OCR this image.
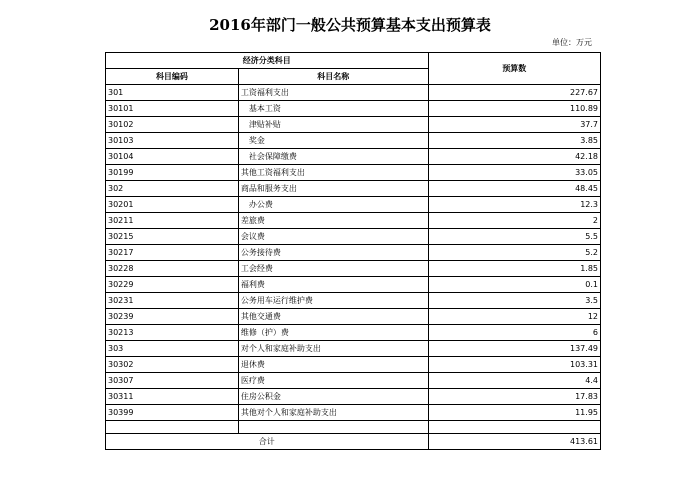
2016年部门一般公共预算基本支出预算表
单位：万元
经济分类科目		预算数
科目编码	科目名称	
301	工资福利支出	227.67
30101	基本工资	110.89
30102	津贴补贴	37.7
30103	奖金	3.85
30104	社会保障缴费	42.18
30199	其他工资福利支出	33.05
302	商品和服务支出	48.45
30201	办公费	12.3
30211	差旅费	2
30215	会议费	5.5
30217	公务接待费	5.2
30228	工会经费	1.85
30229	福利费	0.1
30231	公务用车运行维护费	3.5
30239	其他交通费	12
30213	维修（护）费	6
303	对个人和家庭补助支出	137.49
30302	退休费	103.31
30307	医疗费	4.4
30311	住房公积金	17.83
30399	其他对个人和家庭补助支出	11.95

合计		413.61
